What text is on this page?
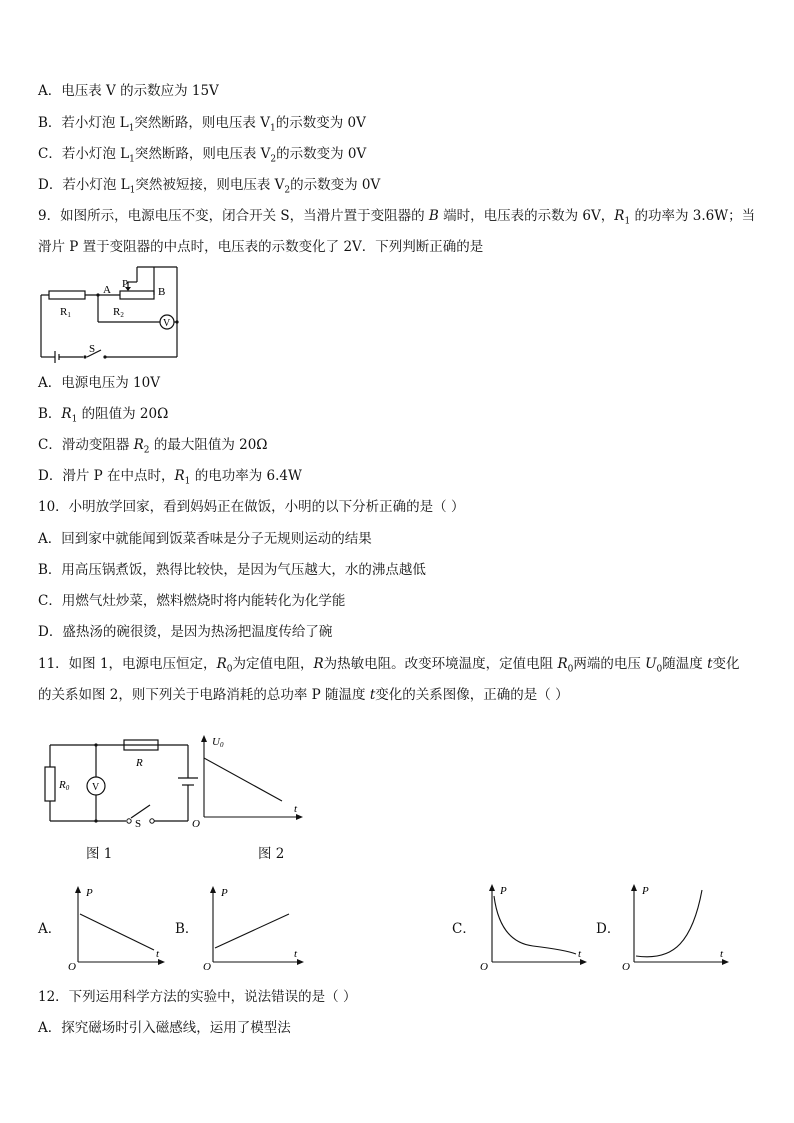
A．电压表 V 的示数应为 15V
B．若小灯泡 $L_1$突然断路，则电压表 $V_1$的示数变为 0V
C．若小灯泡 $L_1$突然断路，则电压表 $V_2$的示数变为 0V
D．若小灯泡 $L_1$突然被短接，则电压表 $V_2$的示数变为 0V
9．如图所示，电源电压不变，闭合开关 S，当滑片置于变阻器的 B 端时，电压表的示数为 6V，$R_1$ 的功率为 3.6W；当
滑片 P 置于变阻器的中点时，电压表的示数变化了 2V．下列判断正确的是
A P
B
R1	R2
V
S
A．电源电压为 10V
B．$R_1$ 的阻值为 20Ω
C．滑动变阻器 $R_2$ 的最大阻值为 20Ω
D．滑片 P 在中点时，$R_1$ 的电功率为 6.4W
10．小明放学回家，看到妈妈正在做饭，小明的以下分析正确的是（ ）
A．回到家中就能闻到饭菜香味是分子无规则运动的结果
B．用高压锅煮饭，熟得比较快，是因为气压越大，水的沸点越低
C．用燃气灶炒菜，燃料燃烧时将内能转化为化学能
D．盛热汤的碗很烫，是因为热汤把温度传给了碗
11．如图 1，电源电压恒定，$R_0$为定值电阻，R为热敏电阻。改变环境温度，定值电阻 $R_0$两端的电压 $U_0$随温度 t变化
的关系如图 2，则下列关于电路消耗的总功率 P 随温度 t变化的关系图像，正确的是（ ）
R0 V
R
S
U0
t
O
图 1	图 2
A．
P
t
O
B．
P
t
O
C．
P
t
O
D．
P
t
O
12．下列运用科学方法的实验中，说法错误的是（ ）
A．探究磁场时引入磁感线，运用了模型法
